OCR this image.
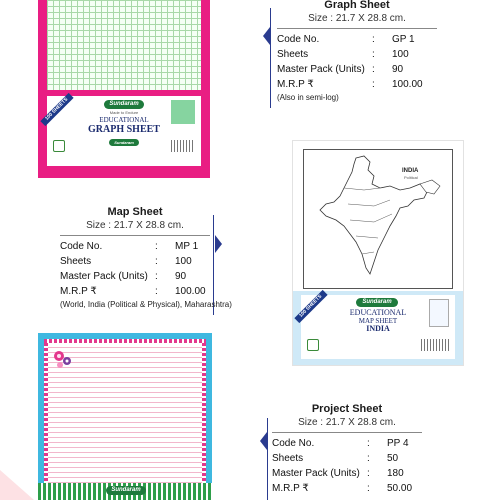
Sundaram
Made to Endure
EDUCATIONAL
GRAPH SHEET
100 SHEETS
Sundaram
Graph Sheet
Size : 21.7 X 28.8 cm.
Code No.	:	GP 1
Sheets	:	100
Master Pack (Units) :	90
M.R.P ₹	:	100.00
(Also in semi-log)
INDIA
Political
Sundaram
EDUCATIONAL
MAP SHEET
INDIA
100 SHEETS
Map Sheet
Size : 21.7 X 28.8 cm.
Code No.	:	MP 1
Sheets	:	100
Master Pack (Units) :	90
M.R.P ₹	:	100.00
(World, India (Political & Physical), Maharashtra)
Sundaram
Project Sheet
Size : 21.7 X 28.8 cm.
Code No.	:	PP 4
Sheets	:	50
Master Pack (Units) :	180
M.R.P ₹	:	50.00
